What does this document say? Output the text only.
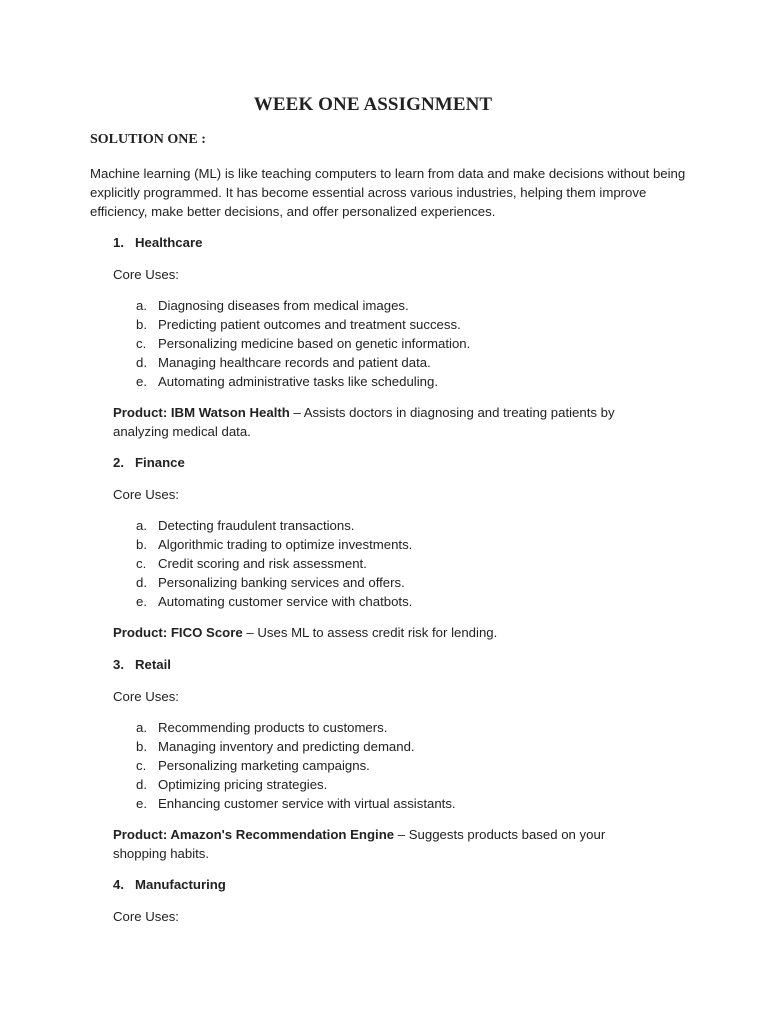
WEEK ONE ASSIGNMENT
SOLUTION ONE :
Machine learning (ML) is like teaching computers to learn from data and make decisions without being explicitly programmed. It has become essential across various industries, helping them improve efficiency, make better decisions, and offer personalized experiences.
1. Healthcare
Core Uses:
a. Diagnosing diseases from medical images.
b. Predicting patient outcomes and treatment success.
c. Personalizing medicine based on genetic information.
d. Managing healthcare records and patient data.
e. Automating administrative tasks like scheduling.
Product: IBM Watson Health – Assists doctors in diagnosing and treating patients by analyzing medical data.
2. Finance
Core Uses:
a. Detecting fraudulent transactions.
b. Algorithmic trading to optimize investments.
c. Credit scoring and risk assessment.
d. Personalizing banking services and offers.
e. Automating customer service with chatbots.
Product: FICO Score – Uses ML to assess credit risk for lending.
3. Retail
Core Uses:
a. Recommending products to customers.
b. Managing inventory and predicting demand.
c. Personalizing marketing campaigns.
d. Optimizing pricing strategies.
e. Enhancing customer service with virtual assistants.
Product: Amazon's Recommendation Engine – Suggests products based on your shopping habits.
4. Manufacturing
Core Uses:
